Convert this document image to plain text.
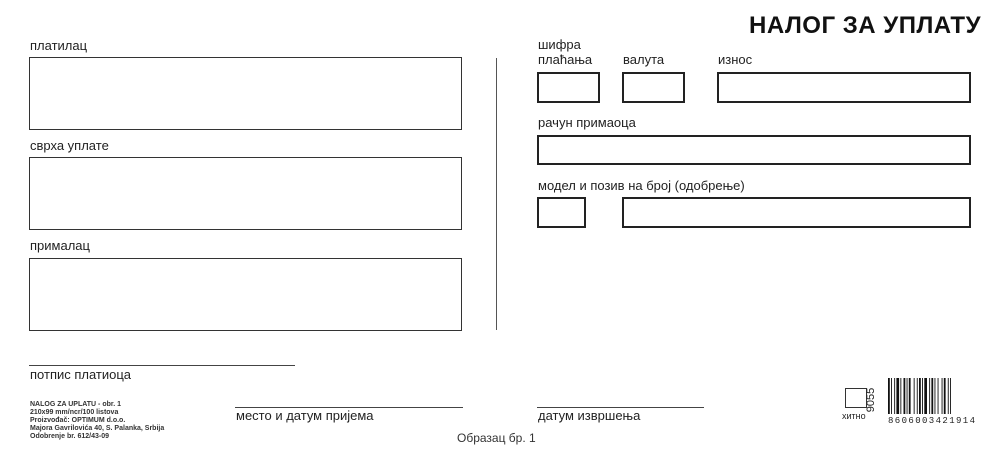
НАЛОГ ЗА УПЛАТУ
платилац
сврха уплате
прималац
шифра
плаћања валута	износ
рачун примаоца
модел и позив на број (одобрење)
потпис платиоца
NALOG ZA UPLATU - obr. 1
210x99 mm/ncr/100 listova
Proizvođač: OPTIMUM d.o.o.
Majora Gavrilovića 40, S. Palanka, Srbija
Odobrenje br. 612/43-09
место и датум пријема	датум извршења
Образац бр. 1
хитно
9055
8606003421914
